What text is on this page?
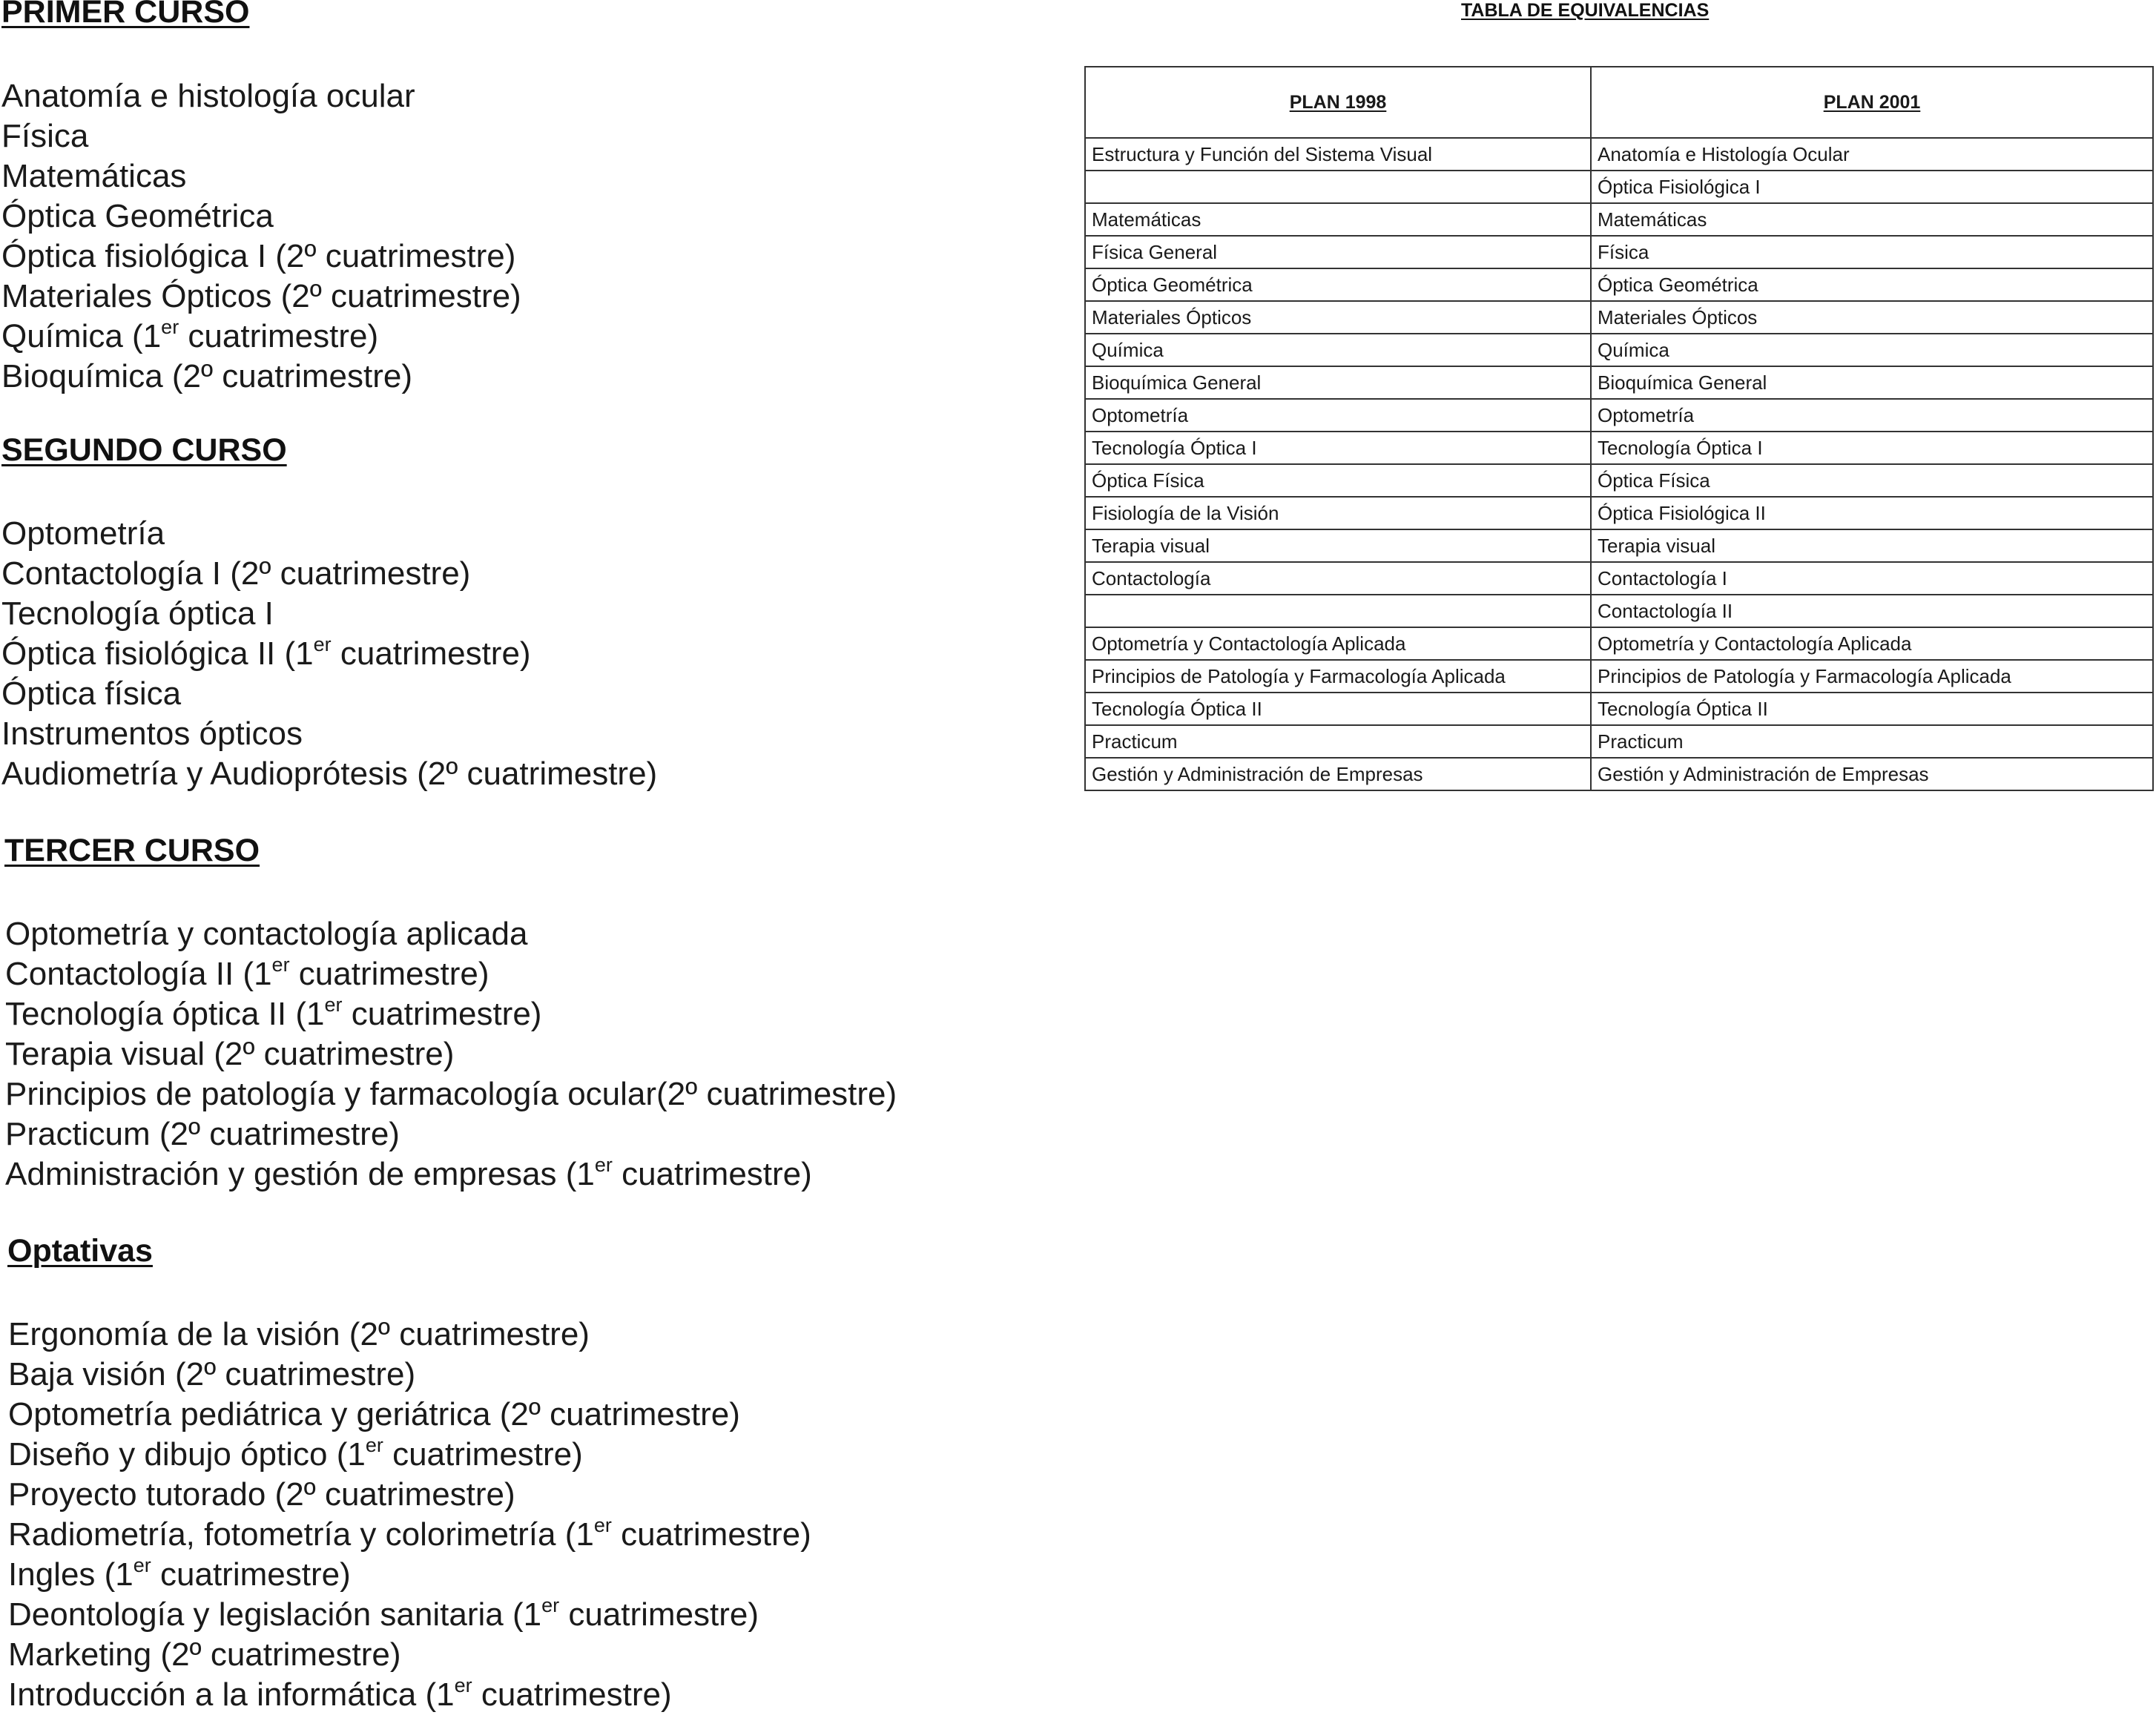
PRIMER CURSO
Anatomía e histología ocular
Física
Matemáticas
Óptica Geométrica
Óptica fisiológica I (2º cuatrimestre)
Materiales Ópticos (2º cuatrimestre)
Química (1er cuatrimestre)
Bioquímica (2º cuatrimestre)
SEGUNDO CURSO
Optometría
Contactología I (2º cuatrimestre)
Tecnología óptica I
Óptica fisiológica II (1er cuatrimestre)
Óptica física
Instrumentos ópticos
Audiometría y Audioprótesis (2º cuatrimestre)
TERCER CURSO
Optometría y contactología aplicada
Contactología II (1er cuatrimestre)
Tecnología óptica II (1er cuatrimestre)
Terapia visual (2º cuatrimestre)
Principios de patología y farmacología ocular(2º cuatrimestre)
Practicum (2º cuatrimestre)
Administración y gestión de empresas (1er cuatrimestre)
Optativas
Ergonomía de la visión (2º cuatrimestre)
Baja visión (2º cuatrimestre)
Optometría pediátrica y geriátrica (2º cuatrimestre)
Diseño y dibujo óptico (1er cuatrimestre)
Proyecto tutorado (2º cuatrimestre)
Radiometría, fotometría y colorimetría (1er cuatrimestre)
Ingles (1er cuatrimestre)
Deontología y legislación sanitaria (1er cuatrimestre)
Marketing (2º cuatrimestre)
Introducción a la informática (1er cuatrimestre)
TABLA DE EQUIVALENCIAS
PLAN 1998	PLAN 2001
Estructura y Función del Sistema Visual	Anatomía e Histología Ocular
	Óptica Fisiológica I
Matemáticas	Matemáticas
Física General	Física
Óptica Geométrica	Óptica Geométrica
Materiales Ópticos	Materiales Ópticos
Química	Química
Bioquímica General	Bioquímica General
Optometría	Optometría
Tecnología Óptica I	Tecnología Óptica I
Óptica Física	Óptica Física
Fisiología de la Visión	Óptica Fisiológica II
Terapia visual	Terapia visual
Contactología	Contactología I
	Contactología II
Optometría y Contactología Aplicada	Optometría y Contactología Aplicada
Principios de Patología y Farmacología Aplicada	Principios de Patología y Farmacología Aplicada
Tecnología Óptica II	Tecnología Óptica II
Practicum	Practicum
Gestión y Administración de Empresas	Gestión y Administración de Empresas
